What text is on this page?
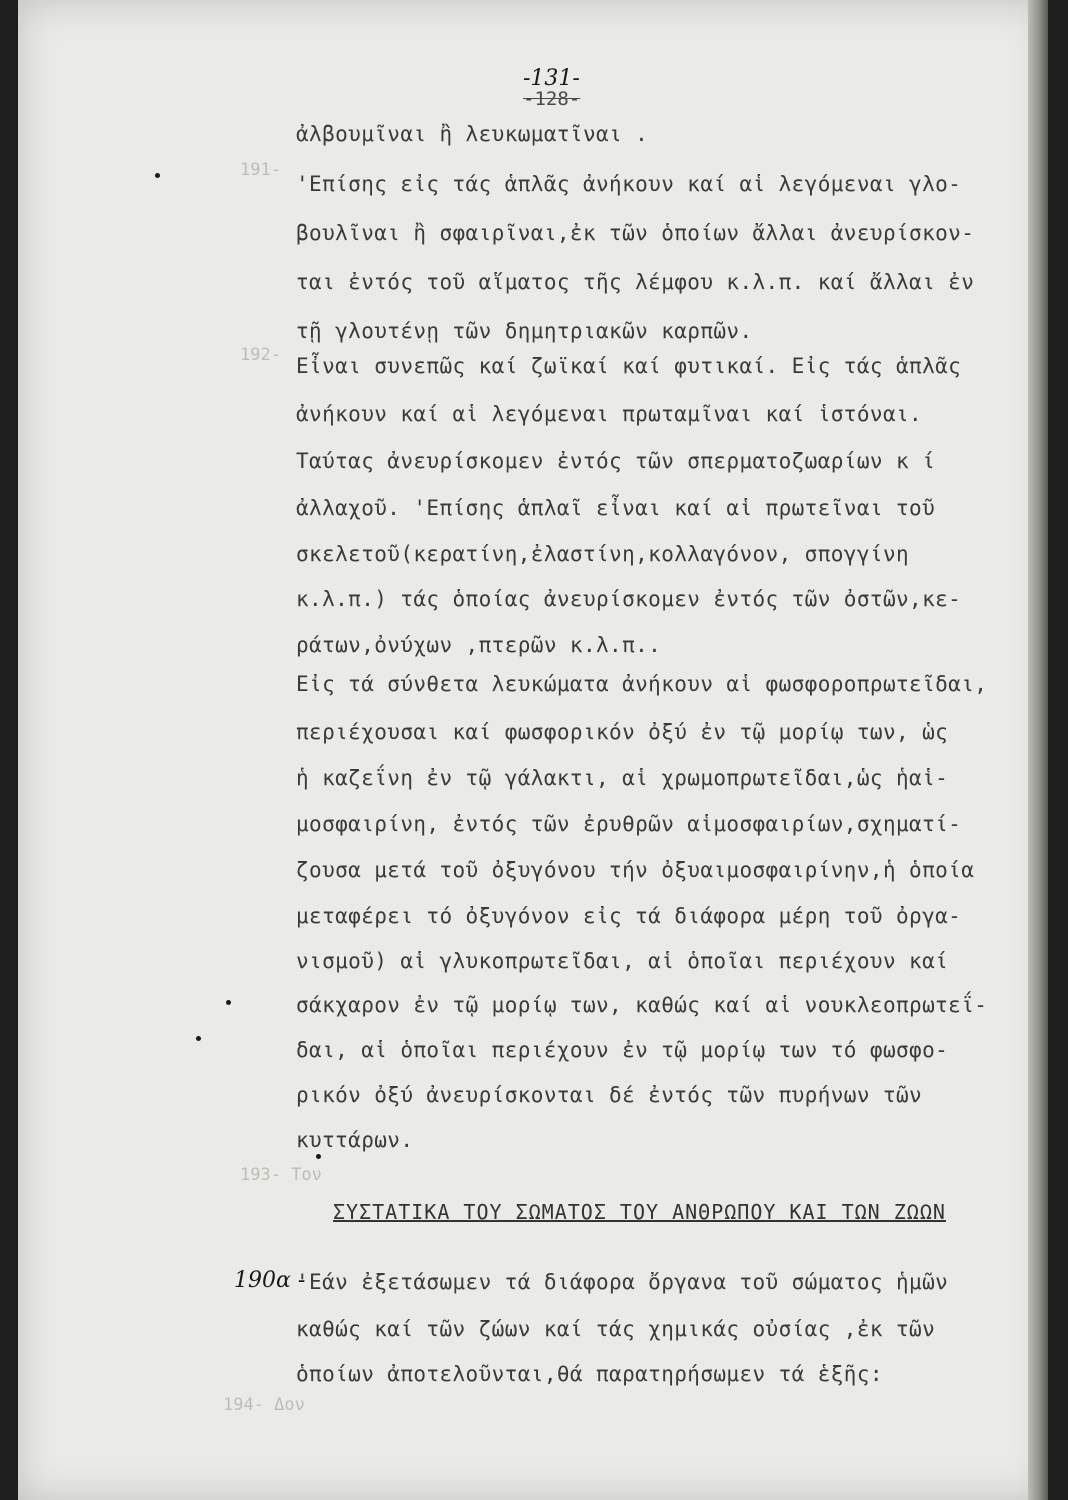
191-
192-
193- Τον
194- Δον
-131-
-128-
ἀλβουμῖναι ἢ λευκωματῖναι .
'Επίσης εἰς τάς ἁπλᾶς ἀνήκουν καί αἱ λεγόμεναι γλο-
βουλῖναι ἢ σφαιρῖναι,ἐκ τῶν ὁποίων ἄλλαι ἀνευρίσκον-
ται ἐντός τοῦ αἵματος τῆς λέμφου κ.λ.π. καί ἄλλαι ἐν
τῇ γλουτένῃ τῶν δημητριακῶν καρπῶν.
Εἶναι συνεπῶς καί ζωϊκαί καί φυτικαί. Εἰς τάς ἁπλᾶς
ἀνήκουν καί αἱ λεγόμεναι πρωταμῖναι καί ἱστόναι.
Ταύτας ἀνευρίσκομεν ἐντός τῶν σπερματοζωαρίων κ ί
ἀλλαχοῦ. 'Επίσης ἁπλαῖ εἶναι καί αἱ πρωτεῖναι τοῦ
σκελετοῦ(κερατίνη,ἐλαστίνη,κολλαγόνον, σπογγίνη
κ.λ.π.) τάς ὁποίας ἀνευρίσκομεν ἐντός τῶν ὀστῶν,κε-
ράτων,ὀνύχων ,πτερῶν κ.λ.π..
Εἰς τά σύνθετα λευκώματα ἀνήκουν αἱ φωσφοροπρωτεῖδαι,
περιέχουσαι καί φωσφορικόν ὀξύ ἐν τῷ μορίῳ των, ὡς
ἡ καζεΐνη ἐν τῷ γάλακτι, αἱ χρωμοπρωτεῖδαι,ὡς ἡαἱ-
μοσφαιρίνη, ἐντός τῶν ἐρυθρῶν αἱμοσφαιρίων,σχηματί-
ζουσα μετά τοῦ ὀξυγόνου τήν ὀξυαιμοσφαιρίνην,ἡ ὁποία
μεταφέρει τό ὀξυγόνον εἰς τά διάφορα μέρη τοῦ ὀργα-
νισμοῦ) αἱ γλυκοπρωτεῖδαι, αἱ ὁποῖαι περιέχουν καί
σάκχαρον ἐν τῷ μορίῳ των, καθώς καί αἱ νουκλεοπρωτεΐ-
δαι, αἱ ὁποῖαι περιέχουν ἐν τῷ μορίῳ των τό φωσφο-
ρικόν ὀξύ ἀνευρίσκονται δέ ἐντός τῶν πυρήνων τῶν
κυττάρων.
ΣΥΣΤΑΤΙΚΑ ΤΟΥ ΣΩΜΑΤΟΣ ΤΟΥ ΑΝΘΡΩΠΟΥ ΚΑΙ ΤΩΝ ΖΩΩΝ
190α -
'Εάν ἐξετάσωμεν τά διάφορα ὄργανα τοῦ σώματος ἡμῶν
καθώς καί τῶν ζώων καί τάς χημικάς οὐσίας ,ἐκ τῶν
ὁποίων ἀποτελοῦνται,θά παρατηρήσωμεν τά ἑξῆς:
